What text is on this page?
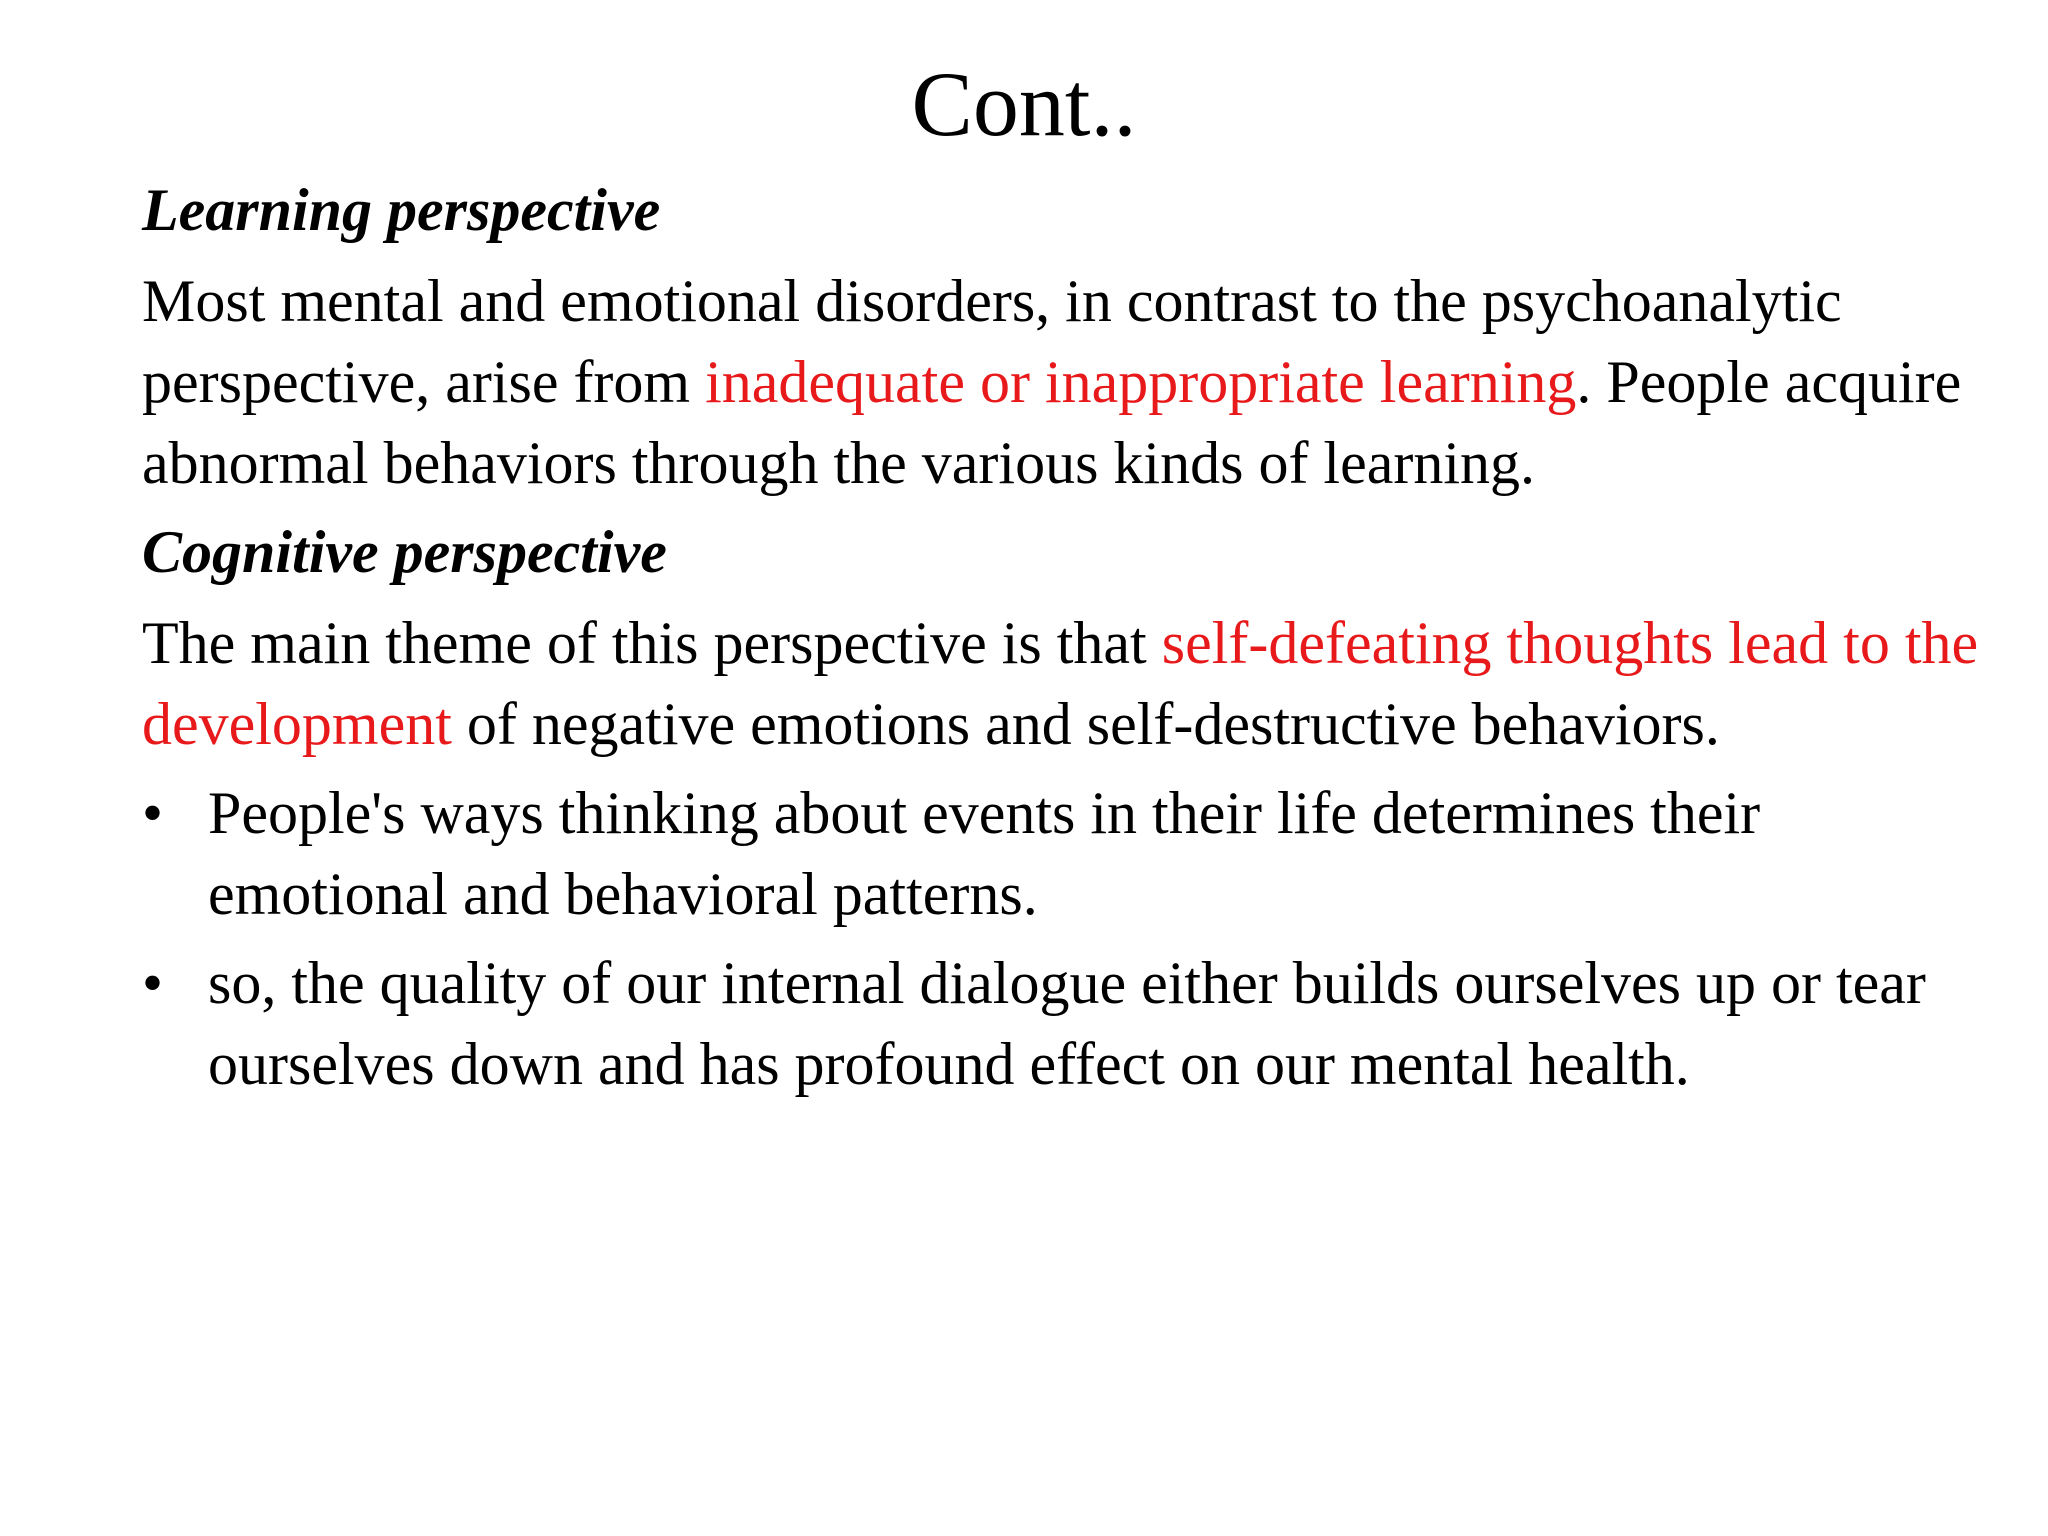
Cont..

Learning perspective

Most mental and emotional disorders, in contrast to the psychoanalytic perspective, arise from inadequate or inappropriate learning. People acquire abnormal behaviors through the various kinds of learning.

Cognitive perspective

The main theme of this perspective is that self-defeating thoughts lead to the development of negative emotions and self-destructive behaviors.

• People's ways thinking about events in their life determines their emotional and behavioral patterns.
• so, the quality of our internal dialogue either builds ourselves up or tear ourselves down and has profound effect on our mental health.
